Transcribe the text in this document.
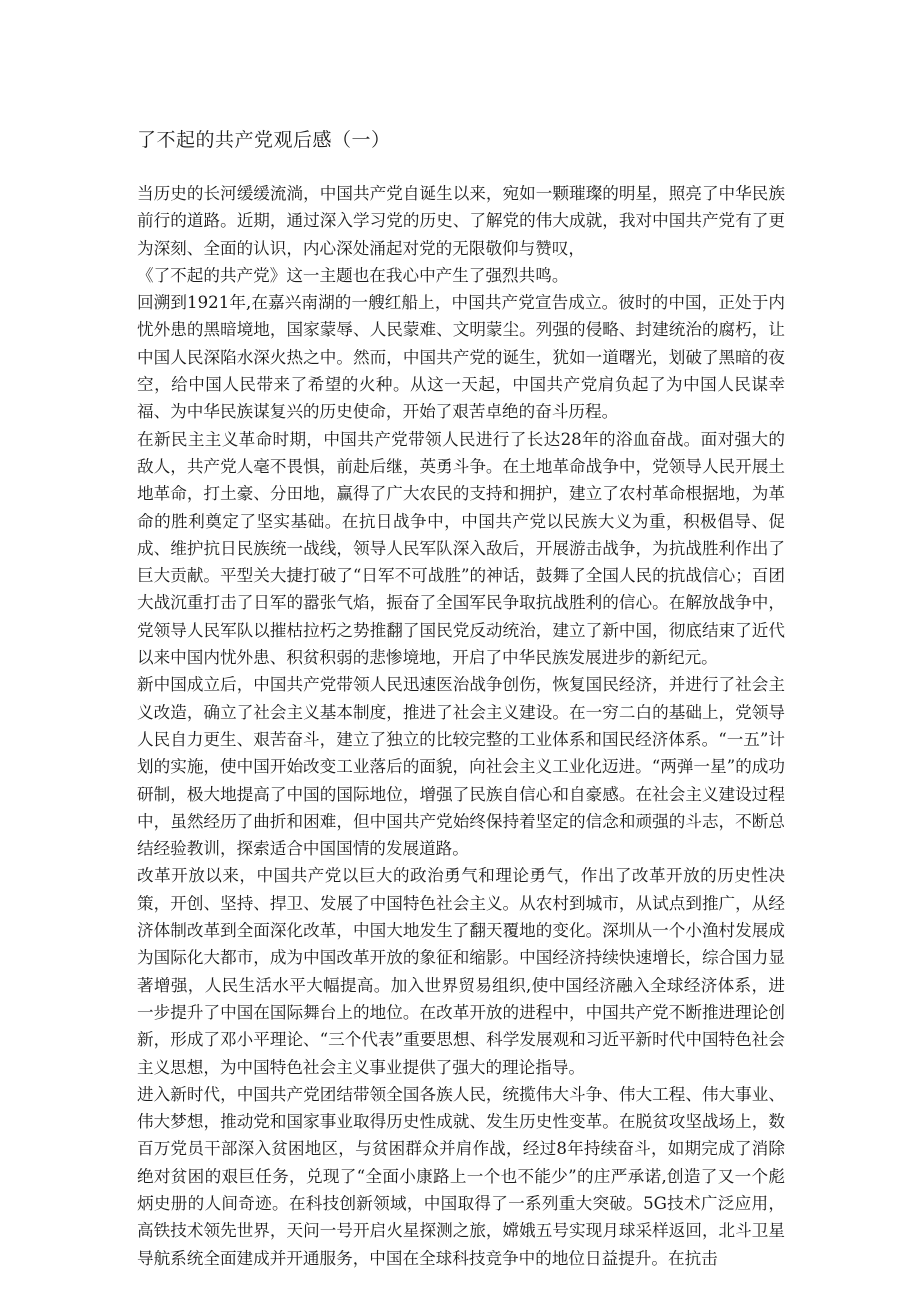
了不起的共产党观后感（一）

当历史的长河缓缓流淌，中国共产党自诞生以来，宛如一颗璀璨的明星，照亮了中华民族前行的道路。近期，通过深入学习党的历史、了解党的伟大成就，我对中国共产党有了更为深刻、全面的认识，内心深处涌起对党的无限敬仰与赞叹，

《了不起的共产党》这一主题也在我心中产生了强烈共鸣。

回溯到1921年,在嘉兴南湖的一艘红船上，中国共产党宣告成立。彼时的中国，正处于内忧外患的黑暗境地，国家蒙辱、人民蒙难、文明蒙尘。列强的侵略、封建统治的腐朽，让中国人民深陷水深火热之中。然而，中国共产党的诞生，犹如一道曙光，划破了黑暗的夜空，给中国人民带来了希望的火种。从这一天起，中国共产党肩负起了为中国人民谋幸福、为中华民族谋复兴的历史使命，开始了艰苦卓绝的奋斗历程。

在新民主主义革命时期，中国共产党带领人民进行了长达28年的浴血奋战。面对强大的敌人，共产党人毫不畏惧，前赴后继，英勇斗争。在土地革命战争中，党领导人民开展土地革命，打土豪、分田地，赢得了广大农民的支持和拥护，建立了农村革命根据地，为革命的胜利奠定了坚实基础。在抗日战争中，中国共产党以民族大义为重，积极倡导、促成、维护抗日民族统一战线，领导人民军队深入敌后，开展游击战争，为抗战胜利作出了巨大贡献。平型关大捷打破了“日军不可战胜”的神话，鼓舞了全国人民的抗战信心；百团大战沉重打击了日军的嚣张气焰，振奋了全国军民争取抗战胜利的信心。在解放战争中，党领导人民军队以摧枯拉朽之势推翻了国民党反动统治，建立了新中国，彻底结束了近代以来中国内忧外患、积贫积弱的悲惨境地，开启了中华民族发展进步的新纪元。

新中国成立后，中国共产党带领人民迅速医治战争创伤，恢复国民经济，并进行了社会主义改造，确立了社会主义基本制度，推进了社会主义建设。在一穷二白的基础上，党领导人民自力更生、艰苦奋斗，建立了独立的比较完整的工业体系和国民经济体系。“一五”计划的实施，使中国开始改变工业落后的面貌，向社会主义工业化迈进。“两弹一星”的成功研制，极大地提高了中国的国际地位，增强了民族自信心和自豪感。在社会主义建设过程中，虽然经历了曲折和困难，但中国共产党始终保持着坚定的信念和顽强的斗志，不断总结经验教训，探索适合中国国情的发展道路。

改革开放以来，中国共产党以巨大的政治勇气和理论勇气，作出了改革开放的历史性决策，开创、坚持、捍卫、发展了中国特色社会主义。从农村到城市，从试点到推广，从经济体制改革到全面深化改革，中国大地发生了翻天覆地的变化。深圳从一个小渔村发展成为国际化大都市，成为中国改革开放的象征和缩影。中国经济持续快速增长，综合国力显著增强，人民生活水平大幅提高。加入世界贸易组织,使中国经济融入全球经济体系，进一步提升了中国在国际舞台上的地位。在改革开放的进程中，中国共产党不断推进理论创新，形成了邓小平理论、“三个代表”重要思想、科学发展观和习近平新时代中国特色社会主义思想，为中国特色社会主义事业提供了强大的理论指导。

进入新时代，中国共产党团结带领全国各族人民，统揽伟大斗争、伟大工程、伟大事业、伟大梦想，推动党和国家事业取得历史性成就、发生历史性变革。在脱贫攻坚战场上，数百万党员干部深入贫困地区，与贫困群众并肩作战，经过8年持续奋斗，如期完成了消除绝对贫困的艰巨任务，兑现了“全面小康路上一个也不能少”的庄严承诺,创造了又一个彪炳史册的人间奇迹。在科技创新领域，中国取得了一系列重大突破。5G技术广泛应用，高铁技术领先世界，天问一号开启火星探测之旅，嫦娥五号实现月球采样返回，北斗卫星导航系统全面建成并开通服务，中国在全球科技竞争中的地位日益提升。在抗击
